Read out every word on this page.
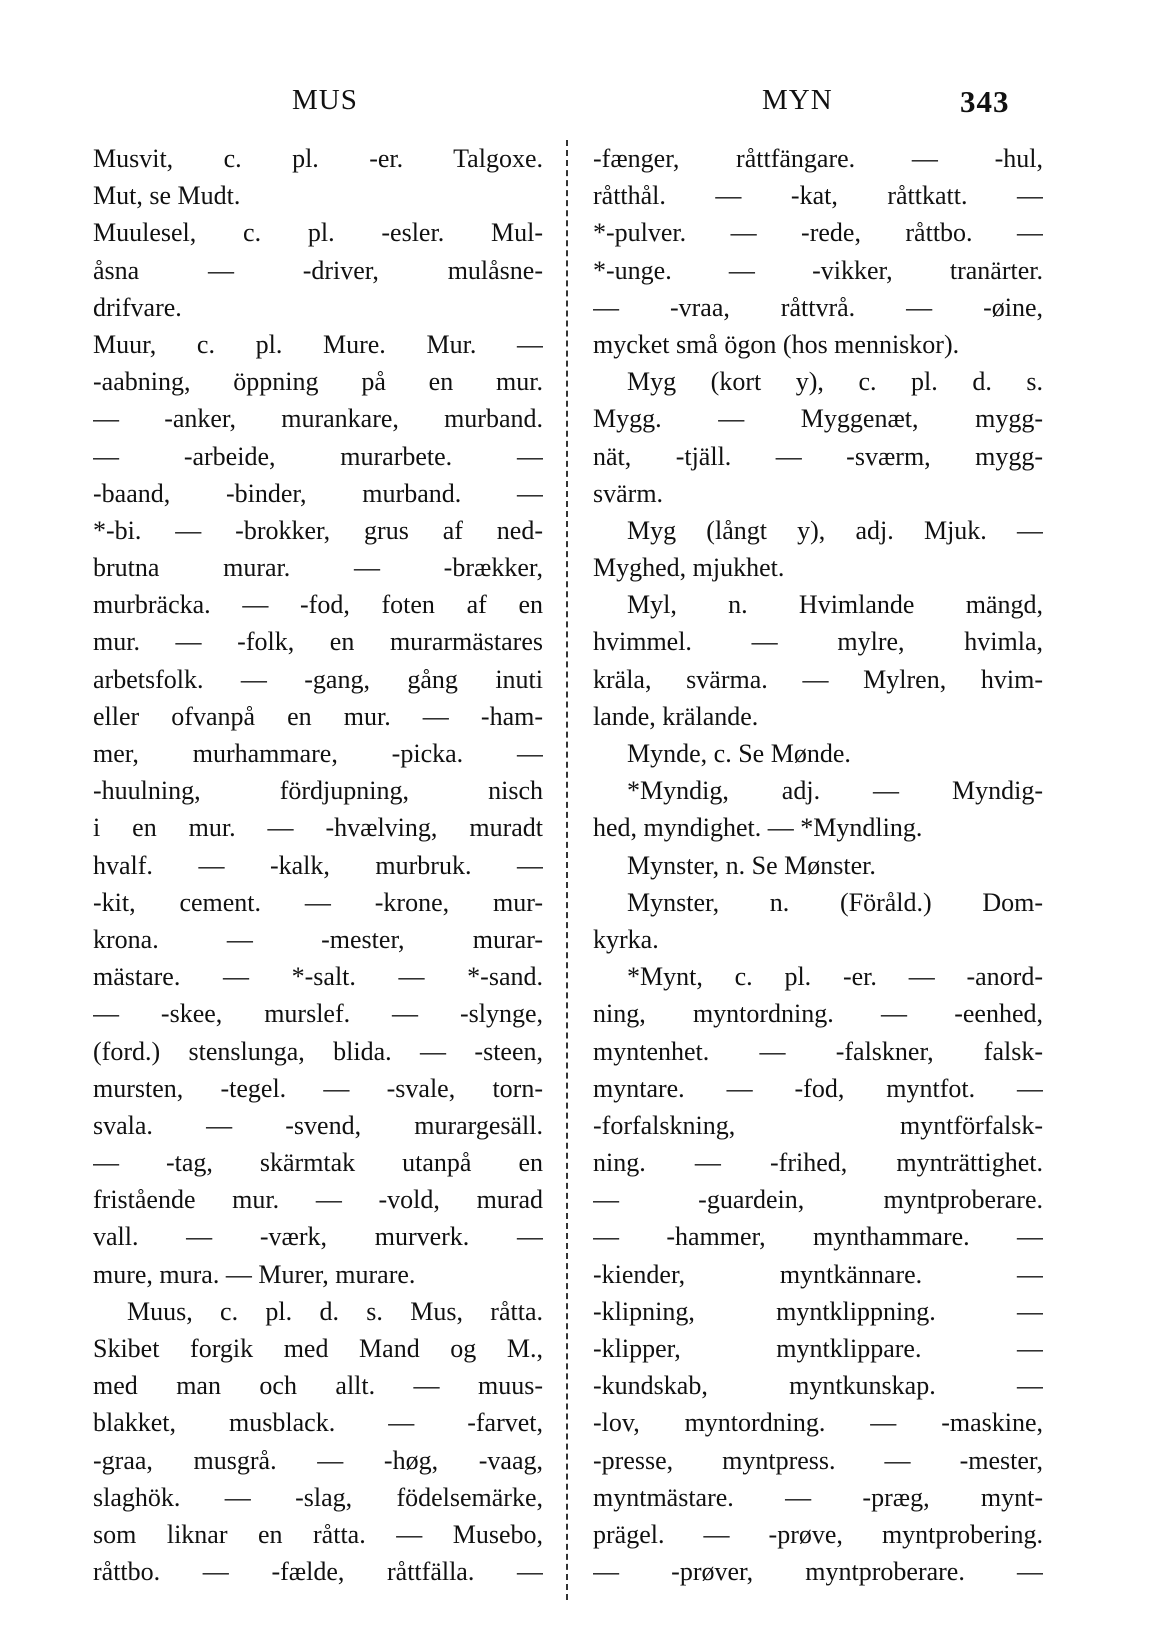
MUS	MYN	343
Musvit, c. pl. -er. Talgoxe.
Mut, se Mudt.
Muulesel, c. pl. -esler. Mul-
åsna — -driver, mulåsne-
drifvare.
Muur, c. pl. Mure. Mur. —
-aabning, öppning på en mur.
— -anker, murankare, murband.
— -arbeide, murarbete. —
-baand, -binder, murband. —
*-bi. — -brokker, grus af ned-
brutna murar. — -brækker,
murbräcka. — -fod, foten af en
mur. — -folk, en murarmästares
arbetsfolk. — -gang, gång inuti
eller ofvanpå en mur. — -ham-
mer, murhammare, -picka. —
-huulning, fördjupning, nisch
i en mur. — -hvælving, muradt
hvalf. — -kalk, murbruk. —
-kit, cement. — -krone, mur-
krona. — -mester, murar-
mästare. — *-salt. — *-sand.
— -skee, murslef. — -slynge,
(ford.) stenslunga, blida. — -steen,
mursten, -tegel. — -svale, torn-
svala. — -svend, murargesäll.
— -tag, skärmtak utanpå en
fristående mur. — -vold, murad
vall. — -værk, murverk. —
mure, mura. — Murer, murare.
Muus, c. pl. d. s. Mus, råtta.
Skibet forgik med Mand og M.,
med man och allt. — muus-
blakket, musblack. — -farvet,
-graa, musgrå. — -høg, -vaag,
slaghök. — -slag, födelsemärke,
som liknar en råtta. — Musebo,
råttbo. — -fælde, råttfälla. —
-fænger, råttfängare. — -hul,
råtthål. — -kat, råttkatt. —
*-pulver. — -rede, råttbo. —
*-unge. — -vikker, tranärter.
— -vraa, råttvrå. — -øine,
mycket små ögon (hos menniskor).
Myg (kort y), c. pl. d. s.
Mygg. — Myggenæt, mygg-
nät, -tjäll. — -sværm, mygg-
svärm.
Myg (långt y), adj. Mjuk. —
Myghed, mjukhet.
Myl, n. Hvimlande mängd,
hvimmel. — mylre, hvimla,
kräla, svärma. — Mylren, hvim-
lande, krälande.
Mynde, c. Se Mønde.
*Myndig, adj. — Myndig-
hed, myndighet. — *Myndling.
Mynster, n. Se Mønster.
Mynster, n. (Föråld.) Dom-
kyrka.
*Mynt, c. pl. -er. — -anord-
ning, myntordning. — -eenhed,
myntenhet. — -falskner, falsk-
myntare. — -fod, myntfot. —
-forfalskning, myntförfalsk-
ning. — -frihed, mynträttighet.
— -guardein, myntproberare.
— -hammer, mynthammare. —
-kiender, myntkännare. —
-klipning, myntklippning. —
-klipper, myntklippare. —
-kundskab, myntkunskap. —
-lov, myntordning. — -maskine,
-presse, myntpress. — -mester,
myntmästare. — -præg, mynt-
prägel. — -prøve, myntprobering.
— -prøver, myntproberare. —
